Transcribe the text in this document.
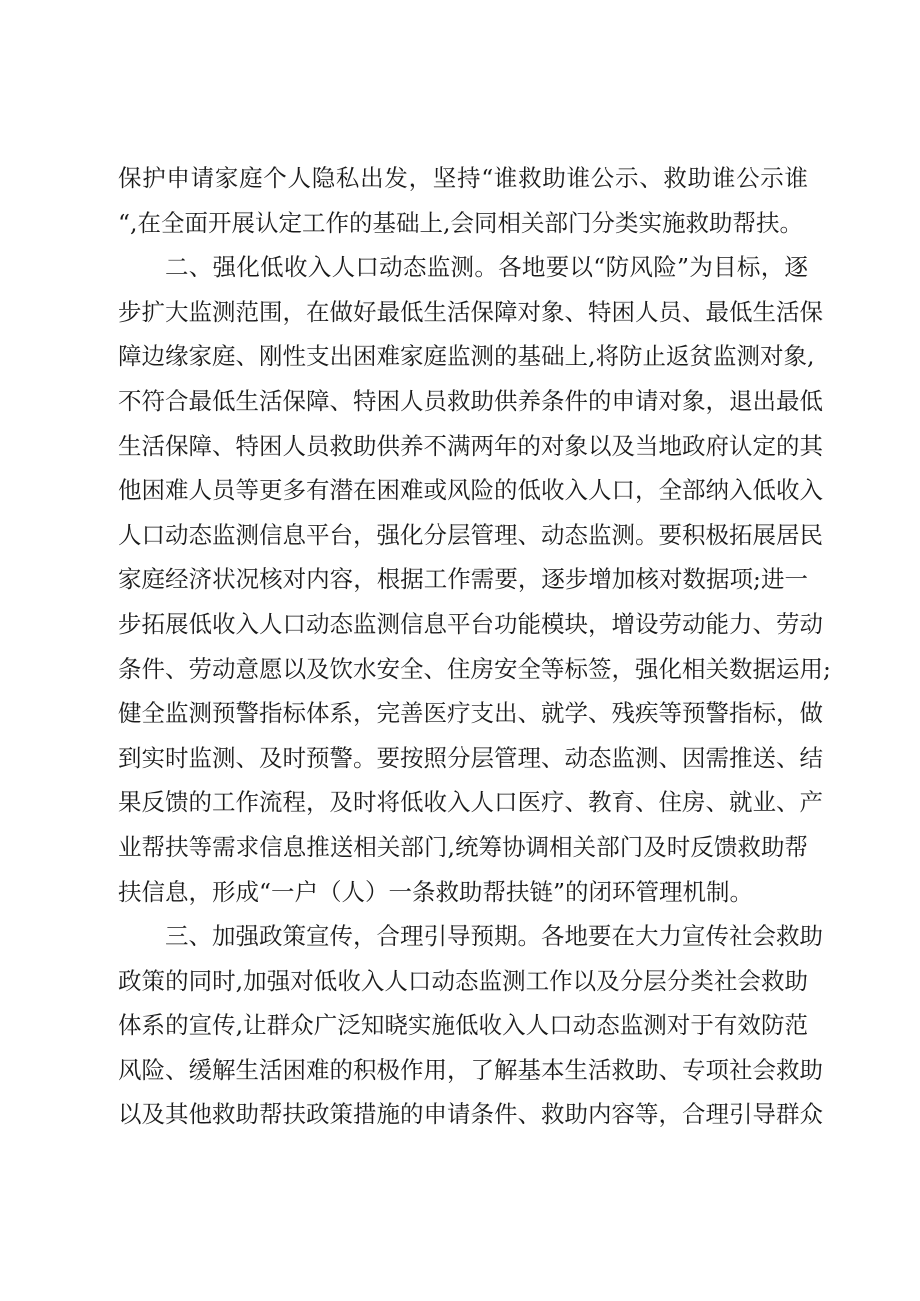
保护申请家庭个人隐私出发，坚持“谁救助谁公示、救助谁公示谁
“,在全面开展认定工作的基础上,会同相关部门分类实施救助帮扶。
二、强化低收入人口动态监测。各地要以“防风险”为目标，逐
步扩大监测范围，在做好最低生活保障对象、特困人员、最低生活保
障边缘家庭、刚性支出困难家庭监测的基础上,将防止返贫监测对象,
不符合最低生活保障、特困人员救助供养条件的申请对象，退出最低
生活保障、特困人员救助供养不满两年的对象以及当地政府认定的其
他困难人员等更多有潜在困难或风险的低收入人口，全部纳入低收入
人口动态监测信息平台，强化分层管理、动态监测。要积极拓展居民
家庭经济状况核对内容，根据工作需要，逐步增加核对数据项;进一
步拓展低收入人口动态监测信息平台功能模块，增设劳动能力、劳动
条件、劳动意愿以及饮水安全、住房安全等标签，强化相关数据运用;
健全监测预警指标体系，完善医疗支出、就学、残疾等预警指标，做
到实时监测、及时预警。要按照分层管理、动态监测、因需推送、结
果反馈的工作流程，及时将低收入人口医疗、教育、住房、就业、产
业帮扶等需求信息推送相关部门,统筹协调相关部门及时反馈救助帮
扶信息，形成“一户（人）一条救助帮扶链”的闭环管理机制。
三、加强政策宣传，合理引导预期。各地要在大力宣传社会救助
政策的同时,加强对低收入人口动态监测工作以及分层分类社会救助
体系的宣传,让群众广泛知晓实施低收入人口动态监测对于有效防范
风险、缓解生活困难的积极作用，了解基本生活救助、专项社会救助
以及其他救助帮扶政策措施的申请条件、救助内容等，合理引导群众
